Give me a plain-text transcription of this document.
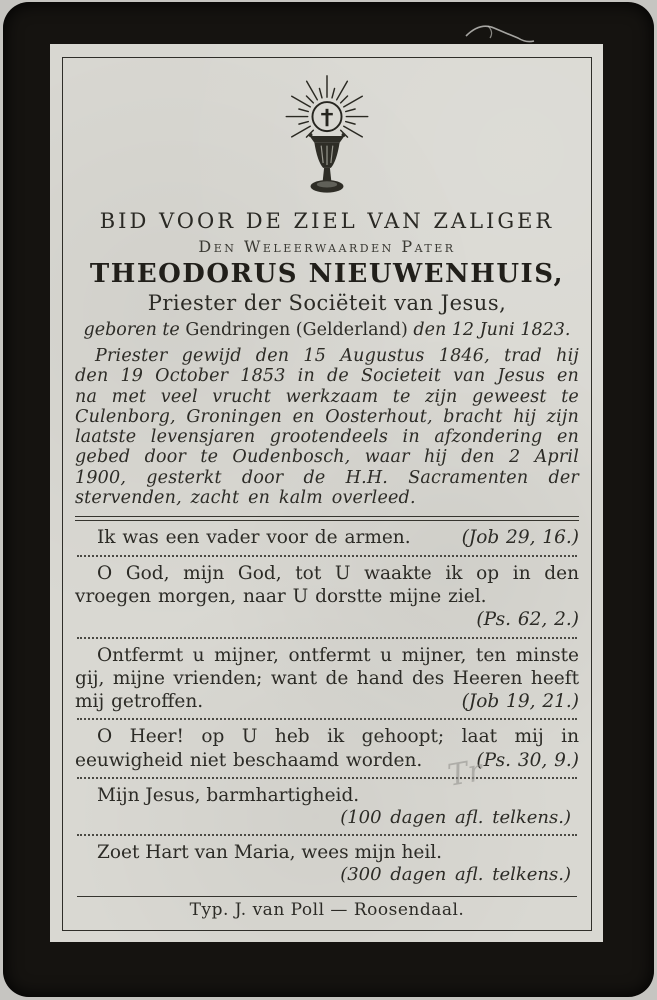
BID VOOR DE ZIEL VAN ZALIGER
Den Weleerwaarden Pater
THEODORUS NIEUWENHUIS,
Priester der Sociëteit van Jesus,
geboren te Gendringen (Gelderland) den 12 Juni 1823.
Priester gewijd den 15 Augustus 1846, trad hij den 19 October 1853 in de Societeit van Jesus en na met veel vrucht werkzaam te zijn geweest te Culenborg, Groningen en Oosterhout, bracht hij zijn laatste levensjaren grootendeels in afzondering en gebed door te Oudenbosch, waar hij den 2 April 1900, gesterkt door de H.H. Sacramenten der stervenden, zacht en kalm overleed.
Ik was een vader voor de armen.	(Job 29, 16.)
O God, mijn God, tot U waakte ik op in den vroegen morgen, naar U dorstte mijne ziel.
(Ps. 62, 2.)
Ontfermt u mijner, ontfermt u mijner, ten minste gij, mijne vrienden; want de hand des Heeren heeft mij getroffen.	(Job 19, 21.)
O Heer! op U heb ik gehoopt; laat mij in eeuwigheid niet beschaamd worden.	(Ps. 30, 9.)
Mijn Jesus, barmhartigheid.
(100 dagen afl. telkens.)
Zoet Hart van Maria, wees mijn heil.
(300 dagen afl. telkens.)
Typ. J. van Poll — Roosendaal.
Tr
